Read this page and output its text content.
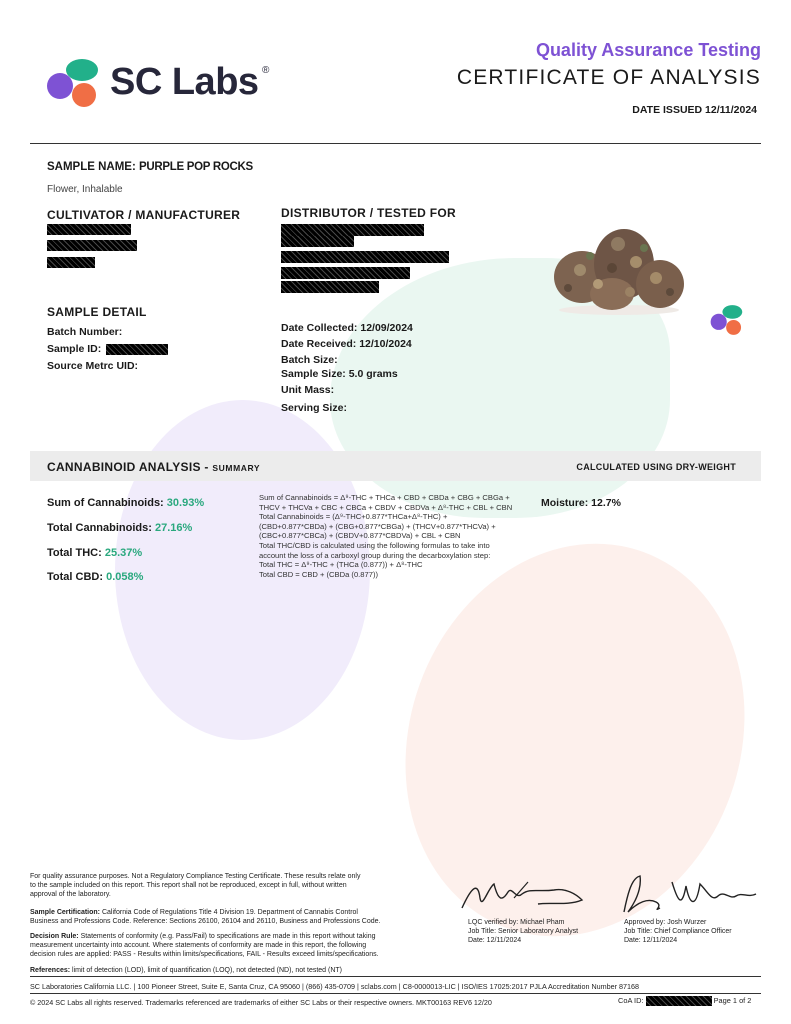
SC Labs ®
Quality Assurance Testing
CERTIFICATE OF ANALYSIS
DATE ISSUED 12/11/2024
SAMPLE NAME: PURPLE POP ROCKS
Flower, Inhalable
CULTIVATOR / MANUFACTURER	DISTRIBUTOR / TESTED FOR
SAMPLE DETAIL
Batch Number:
Sample ID:
Source Metrc UID:
Date Collected: 12/09/2024
Date Received: 12/10/2024
Batch Size:
Sample Size: 5.0 grams
Unit Mass:
Serving Size:
CANNABINOID ANALYSIS - SUMMARY	CALCULATED USING DRY-WEIGHT
Sum of Cannabinoids: 30.93%
Total Cannabinoids: 27.16%
Total THC: 25.37%
Total CBD: 0.058%
Sum of Cannabinoids = Δ⁹-THC + THCa + CBD + CBDa + CBG + CBGa +
THCV + THCVa + CBC + CBCa + CBDV + CBDVa + Δ⁸-THC + CBL + CBN
Total Cannabinoids = (Δ⁹-THC+0.877*THCa+Δ⁸-THC) +
(CBD+0.877*CBDa) + (CBG+0.877*CBGa) + (THCV+0.877*THCVa) +
(CBC+0.877*CBCa) + (CBDV+0.877*CBDVa) + CBL + CBN
Total THC/CBD is calculated using the following formulas to take into
account the loss of a carboxyl group during the decarboxylation step:
Total THC = Δ⁹-THC + (THCa (0.877)) + Δ⁸-THC
Total CBD = CBD + (CBDa (0.877))
Moisture: 12.7%
For quality assurance purposes. Not a Regulatory Compliance Testing Certificate. These results relate only
to the sample included on this report. This report shall not be reproduced, except in full, without written
approval of the laboratory.
Sample Certification: California Code of Regulations Title 4 Division 19. Department of Cannabis Control
Business and Professions Code. Reference: Sections 26100, 26104 and 26110, Business and Professions Code.
Decision Rule: Statements of conformity (e.g. Pass/Fail) to specifications are made in this report without taking
measurement uncertainty into account. Where statements of conformity are made in this report, the following
decision rules are applied: PASS - Results within limits/specifications, FAIL - Results exceed limits/specifications.
References: limit of detection (LOD), limit of quantification (LOQ), not detected (ND), not tested (NT)
LQC verified by: Michael Pham
Job Title: Senior Laboratory Analyst
Date: 12/11/2024
Approved by: Josh Wurzer
Job Title: Chief Compliance Officer
Date: 12/11/2024
SC Laboratories California LLC. | 100 Pioneer Street, Suite E, Santa Cruz, CA 95060 | (866) 435-0709 | sclabs.com | C8-0000013-LIC | ISO/IES 17025:2017 PJLA Accreditation Number 87168
© 2024 SC Labs all rights reserved. Trademarks referenced are trademarks of either SC Labs or their respective owners. MKT00163 REV6 12/20	CoA ID:	Page 1 of 2
